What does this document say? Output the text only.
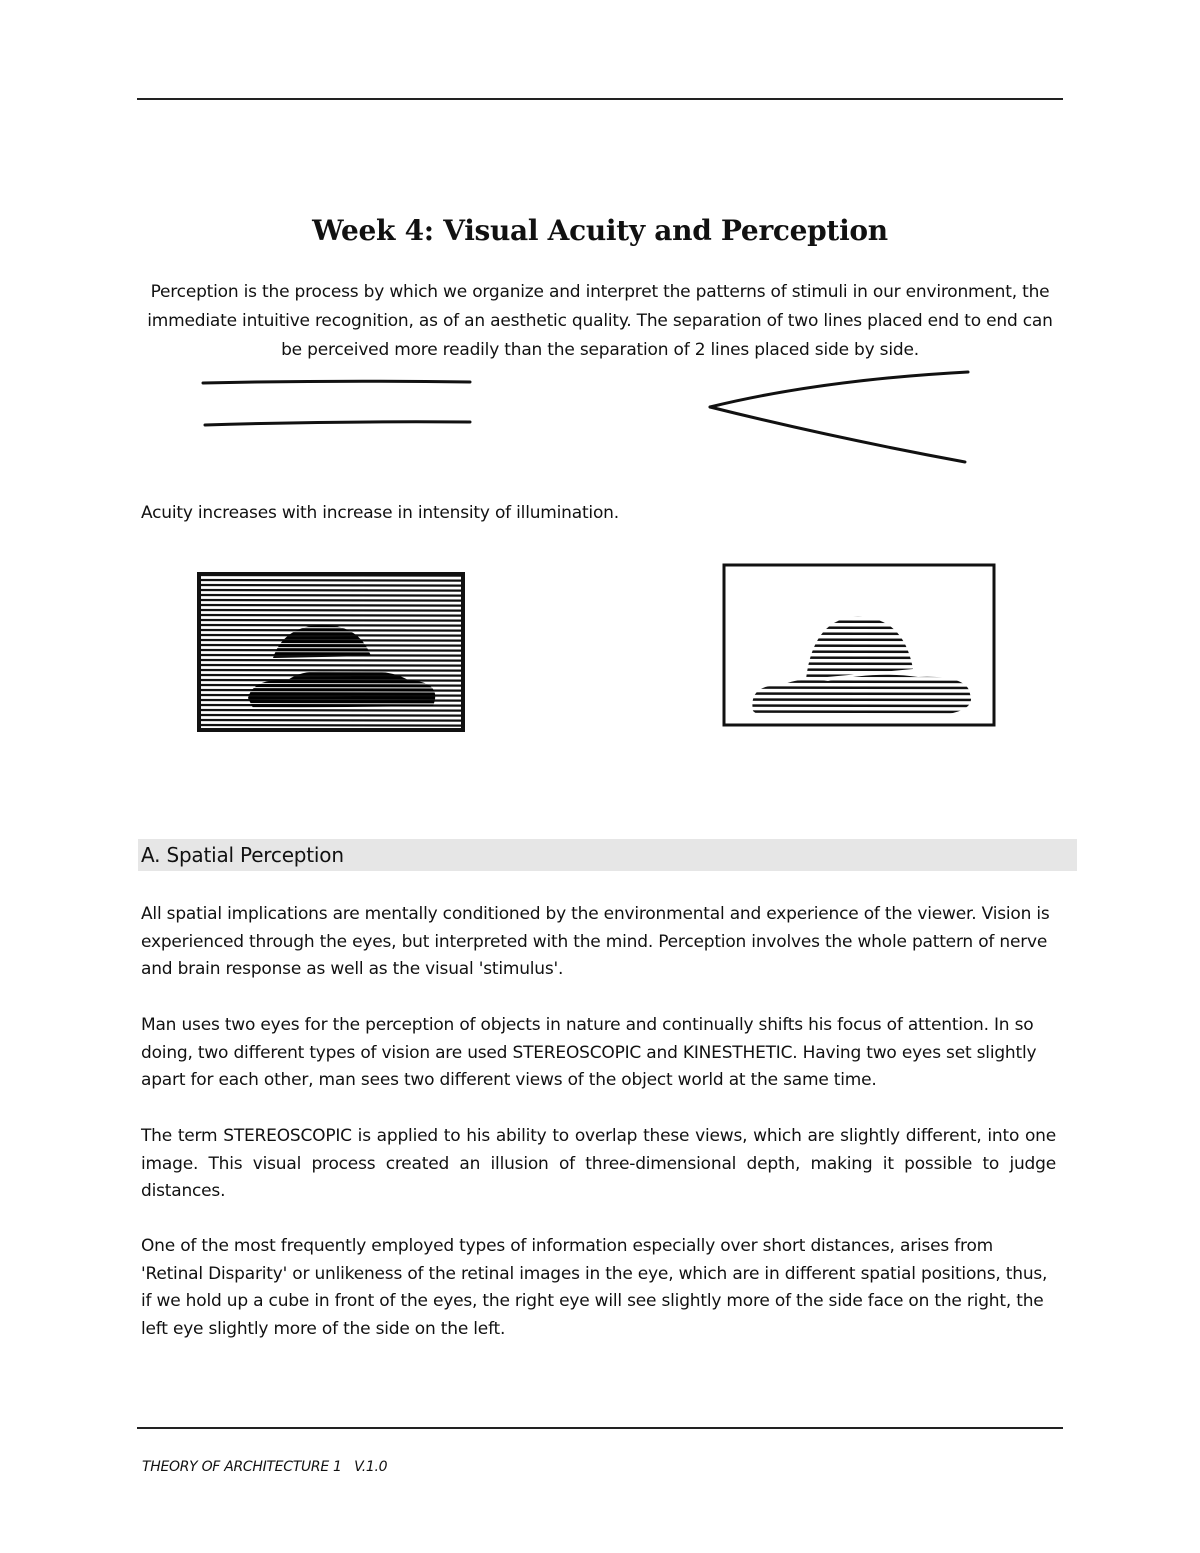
Week 4: Visual Acuity and Perception
Perception is the process by which we organize and interpret the patterns of stimuli in our environment, the immediate intuitive recognition, as of an aesthetic quality. The separation of two lines placed end to end can be perceived more readily than the separation of 2 lines placed side by side.
Acuity increases with increase in intensity of illumination.
A. Spatial Perception

All spatial implications are mentally conditioned by the environmental and experience of the viewer. Vision is experienced through the eyes, but interpreted with the mind. Perception involves the whole pattern of nerve and brain response as well as the visual 'stimulus'.

Man uses two eyes for the perception of objects in nature and continually shifts his focus of attention. In so doing, two different types of vision are used STEREOSCOPIC and KINESTHETIC. Having two eyes set slightly apart for each other, man sees two different views of the object world at the same time.

The term STEREOSCOPIC is applied to his ability to overlap these views, which are slightly different, into one image. This visual process created an illusion of three-dimensional depth, making it possible to judge distances.

One of the most frequently employed types of information especially over short distances, arises from 'Retinal Disparity' or unlikeness of the retinal images in the eye, which are in different spatial positions, thus, if we hold up a cube in front of the eyes, the right eye will see slightly more of the side face on the right, the left eye slightly more of the side on the left.

THEORY OF ARCHITECTURE 1   V.1.0
